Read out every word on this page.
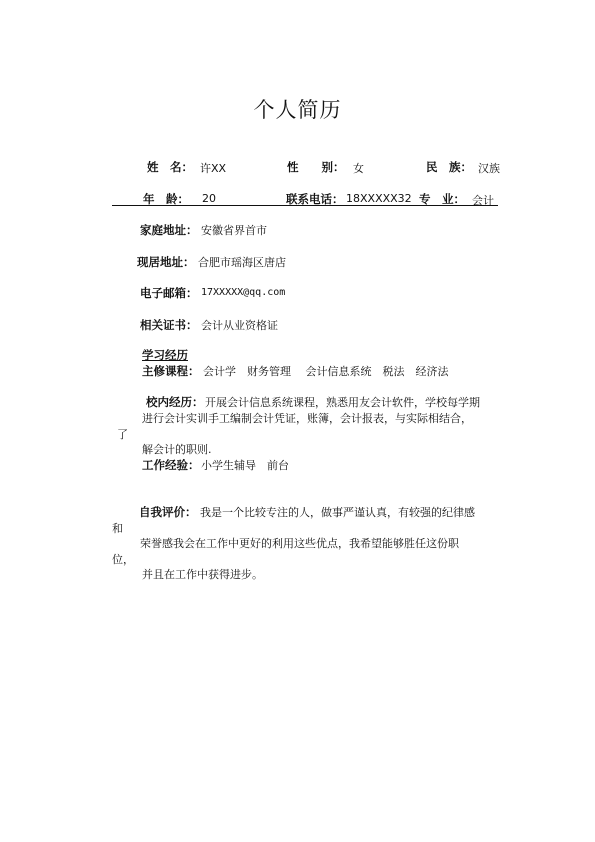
个人简历
姓　名： 许XX	性　　别： 女	民　族： 汉族
年　龄： 20	联系电话： 18XXXXX32 专　业： 会计
家庭地址： 安徽省界首市
现居地址： 合肥市瑶海区唐店
电子邮箱： 17XXXXX@qq.com
相关证书： 会计从业资格证
学习经历
主修课程： 会计学　财务管理　 会计信息系统　税法　经济法
校内经历： 开展会计信息系统课程，熟悉用友会计软件，学校每学期
进行会计实训手工编制会计凭证，账簿，会计报表，与实际相结合，
了
解会计的职则.
工作经验： 小学生辅导　前台
自我评价： 我是一个比较专注的人，做事严谨认真，有较强的纪律感
和
荣誉感我会在工作中更好的利用这些优点，我希望能够胜任这份职
位，
并且在工作中获得进步。
